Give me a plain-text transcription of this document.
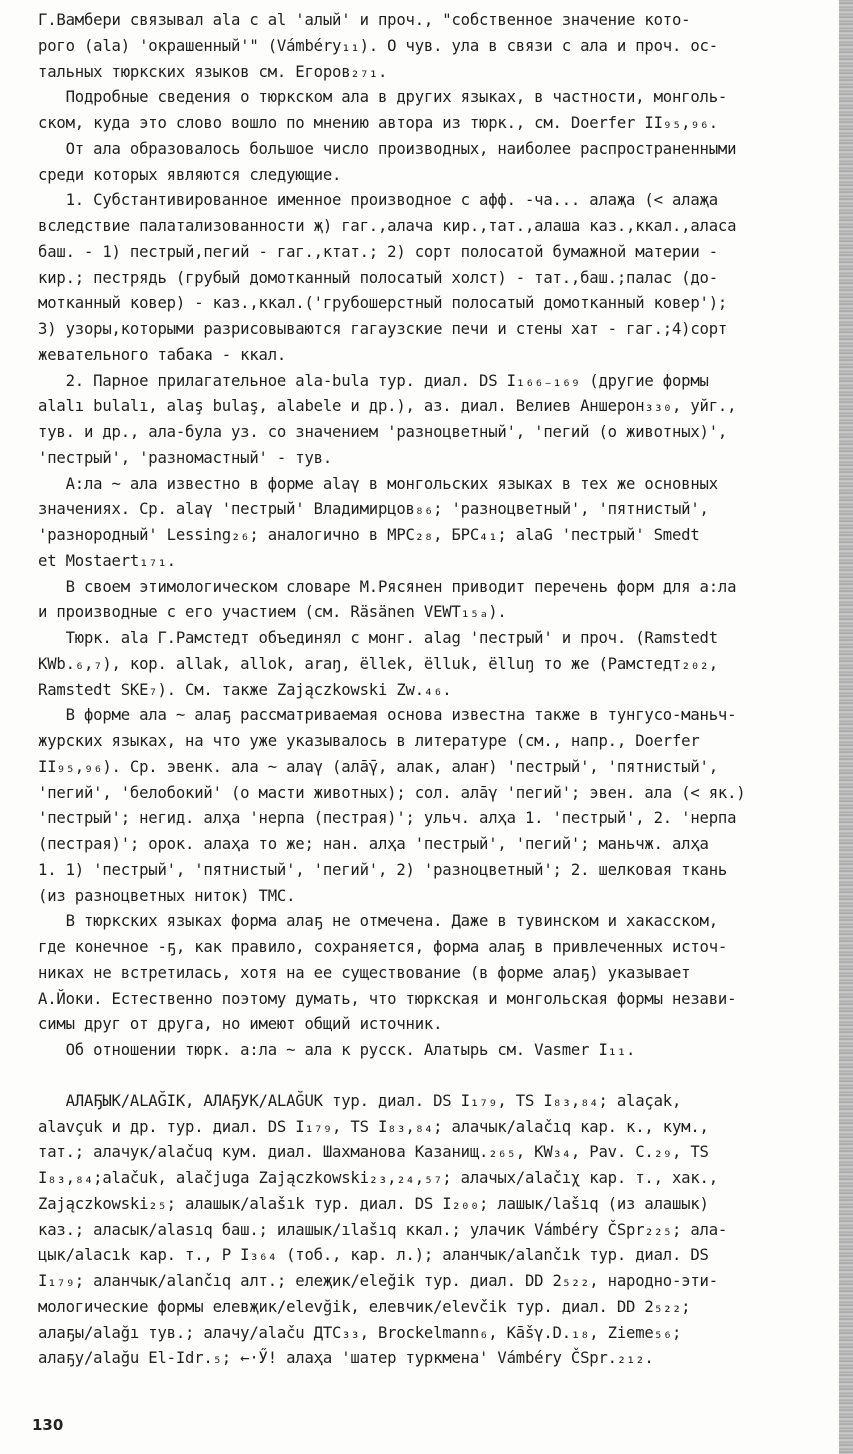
Г.Вамбери связывал ala с al 'алый' и проч., "собственное значение кото-
рого (ala) 'окрашенный'" (Vámbéry₁₁). О чув. ула в связи с ала и проч. ос-
тальных тюркских языков см. Егоров₂₇₁.
Подробные сведения о тюркском ала в других языках, в частности, монголь-
ском, куда это слово вошло по мнению автора из тюрк., см. Doerfer II₉₅,₉₆.
От ала образовалось большое число производных, наиболее распространенными
среди которых являются следующие.
1. Субстантивированное именное производное с афф. -ча... алаҗа (< алаҗа
вследствие палатализованности җ) гаг.,алача кир.,тат.,алаша каз.,ккал.,аласа
баш. - 1) пестрый,пегий - гаг.,ктат.; 2) сорт полосатой бумажной материи -
кир.; пестрядь (грубый домотканный полосатый холст) - тат.,баш.;палас (до-
мотканный ковер) - каз.,ккал.('грубошерстный полосатый домотканный ковер');
3) узоры,которыми разрисовываются гагаузские печи и стены хат - гаг.;4)сорт
жевательного табака - ккал.
2. Парное прилагательное ala-bula тур. диал. DS I₁₆₆₋₁₆₉ (другие формы
alalı bulalı, alaş bulaş, alabele и др.), аз. диал. Велиев Аншерон₃₃₀, уйг.,
тув. и др., ала-була уз. со значением 'разноцветный', 'пегий (о животных)',
'пестрый', 'разномастный' - тув.
А:ла ~ ала известно в форме alaγ в монгольских языках в тех же основных
значениях. Ср. alaγ 'пестрый' Владимирцов₈₆; 'разноцветный', 'пятнистый',
'разнородный' Lessing₂₆; аналогично в МРС₂₈, БРС₄₁; alaG 'пестрый' Smedt
et Mostaert₁₇₁.
В своем этимологическом словаре М.Рясянен приводит перечень форм для а:ла
и производные с его участием (см. Räsänen VEWT₁₅ₐ).
Тюрк. ala Г.Рамстедт объединял с монг. alag 'пестрый' и проч. (Ramstedt
KWb.₆,₇), кор. allak, allok, araŋ, ëllek, ëlluk, ëlluŋ то же (Рамстедт₂₀₂,
Ramstedt SKE₇). См. также Zajączkowski Zw.₄₆.
В форме ала ~ алаҕ рассматриваемая основа известна также в тунгусо-маньч-
журских языках, на что уже указывалось в литературе (см., напр., Doerfer
II₉₅,₉₆). Ср. эвенк. ала ~ алаγ (алā̄γ, алак, алаҥ) 'пестрый', 'пятнистый',
'пегий', 'белобокий' (о масти животных); сол. алāγ 'пегий'; эвен. ала (< як.)
'пестрый'; негид. алҳа 'нерпа (пестрая)'; ульч. алҳа 1. 'пестрый', 2. 'нерпа
(пестрая)'; орок. алаҳа то же; нан. алҳа 'пестрый', 'пегий'; маньчж. алҳа
1. 1) 'пестрый', 'пятнистый', 'пегий', 2) 'разноцветный'; 2. шелковая ткань
(из разноцветных ниток) ТМС.
В тюркских языках форма алаҕ не отмечена. Даже в тувинском и хакасском,
где конечное -ҕ, как правило, сохраняется, форма алаҕ в привлеченных источ-
никах не встретилась, хотя на ее существование (в форме алаҕ) указывает
А.Йоки. Естественно поэтому думать, что тюркская и монгольская формы незави-
симы друг от друга, но имеют общий источник.
Об отношении тюрк. а:ла ~ ала к русск. Алатырь см. Vasmer I₁₁.
АЛАҔЫК/ALAĞIK, АЛАҔУК/ALAĞUK тур. диал. DS I₁₇₉, TS I₈₃,₈₄; alaçak,
alavçuk и др. тур. диал. DS I₁₇₉, TS I₈₃,₈₄; алачык/alačıq кар. к., кум.,
тат.; алачук/alačuq кум. диал. Шахманова Казанищ.₂₆₅, KW₃₄, Pav. C.₂₉, TS
I₈₃,₈₄;alačuk, alačjuga Zajączkowski₂₃,₂₄,₅₇; алачых/alačıχ кар. т., хак.,
Zajączkowski₂₅; алашык/alašık тур. диал. DS I₂₀₀; лашык/lašıq (из алашык)
каз.; аласык/alasıq баш.; илашык/ılašıq ккал.; улачик Vámbéry ČSpr₂₂₅; ала-
цык/alacık кар. т., P I₃₆₄ (тоб., кар. л.); аланчык/alančık тур. диал. DS
I₁₇₉; аланчык/alančıq алт.; елеҗик/eleğik тур. диал. DD 2₅₂₂, народно-эти-
мологические формы елевҗик/elevğik, елевчик/elevčik тур. диал. DD 2₅₂₂;
алаҕы/alağı тув.; алачу/alaču ДТС₃₃, Brockelmann₆, Kāšγ.D.₁₈, Zieme₅₆;
алаҕу/alağu El-Idr.₅; ←·Ӳ! алаҳа 'шатер туркмена' Vámbéry ČSpr.₂₁₂.
130
